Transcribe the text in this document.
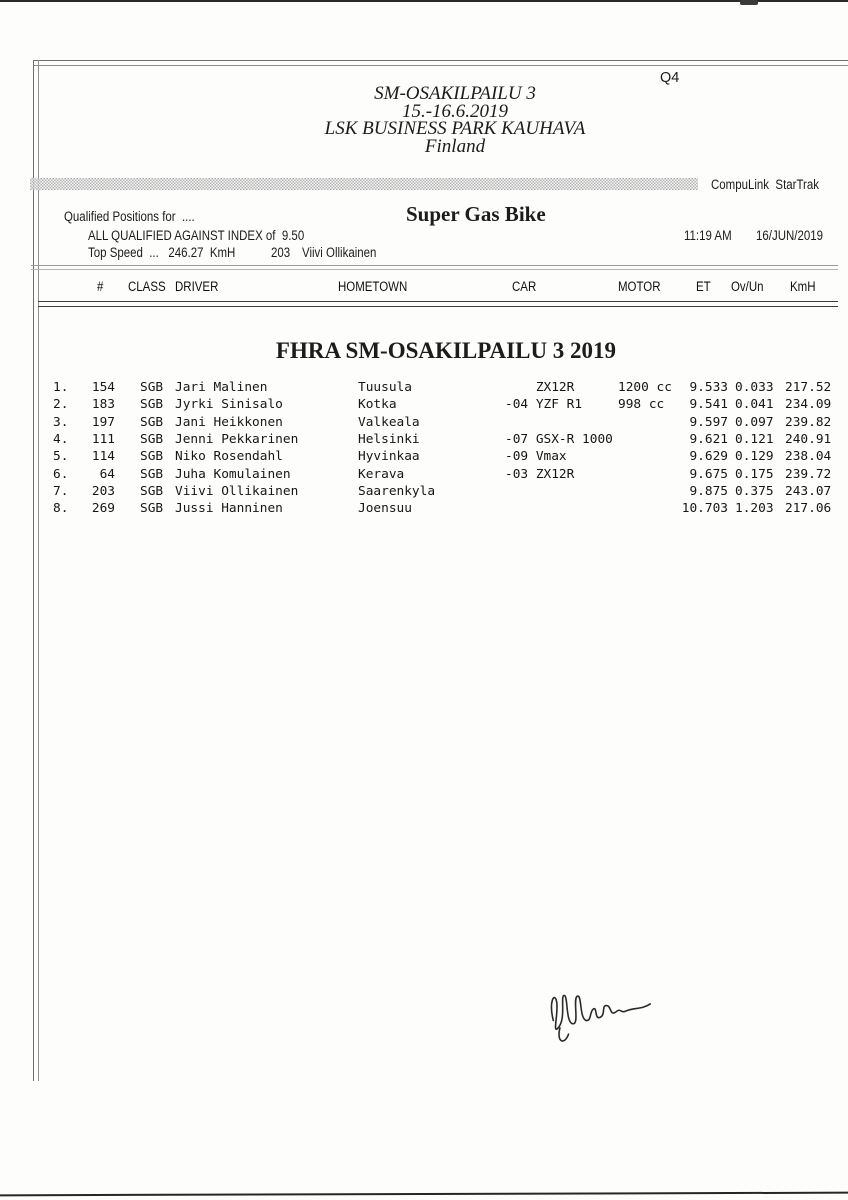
Q4
SM-OSAKILPAILU 3
15.-16.6.2019
LSK BUSINESS PARK KAUHAVA
Finland
CompuLink  StarTrak
Qualified Positions for  ....	Super Gas Bike
ALL QUALIFIED AGAINST INDEX of  9.50	11:19 AM	16/JUN/2019
Top Speed  ...   246.27  KmH	203 Viivi Ollikainen
# CLASS DRIVER	HOMETOWN	CAR	MOTOR	ET Ov/Un	KmH
FHRA SM-OSAKILPAILU 3 2019
1.	154 SGB Jari Malinen	Tuusula	ZX12R	1200 cc	9.533 0.033 217.52
2.	183 SGB Jyrki Sinisalo	Kotka	-04 YZF R1	998 cc	9.541 0.041 234.09
3.	197 SGB Jani Heikkonen	Valkeala	9.597 0.097 239.82
4.	111 SGB Jenni Pekkarinen	Helsinki	-07 GSX-R 1000	9.621 0.121 240.91
5.	114 SGB Niko Rosendahl	Hyvinkaa	-09 Vmax	9.629 0.129 238.04
6.	64 SGB Juha Komulainen	Kerava	-03 ZX12R	9.675 0.175 239.72
7.	203 SGB Viivi Ollikainen	Saarenkyla	9.875 0.375 243.07
8.	269 SGB Jussi Hanninen	Joensuu	10.703 1.203 217.06
